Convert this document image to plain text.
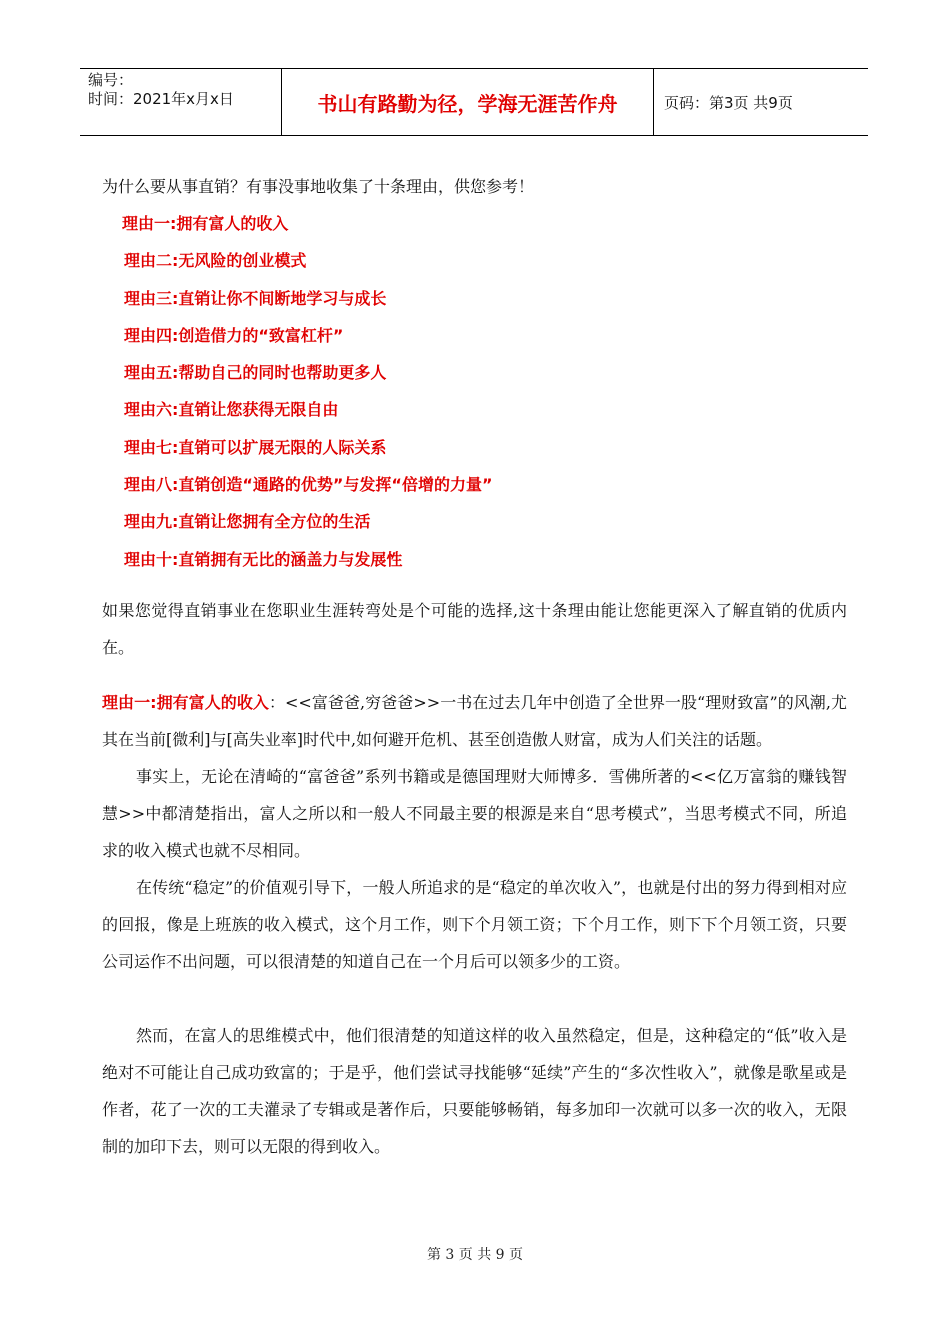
编号：
时间：2021年x月x日	书山有路勤为径，学海无涯苦作舟	页码：第3页 共9页

为什么要从事直销？有事没事地收集了十条理由，供您参考！

理由一:拥有富人的收入
理由二:无风险的创业模式
理由三:直销让你不间断地学习与成长
理由四:创造借力的“致富杠杆”
理由五:帮助自己的同时也帮助更多人
理由六:直销让您获得无限自由
理由七:直销可以扩展无限的人际关系
理由八:直销创造“通路的优势”与发挥“倍增的力量”
理由九:直销让您拥有全方位的生活
理由十:直销拥有无比的涵盖力与发展性

如果您觉得直销事业在您职业生涯转弯处是个可能的选择,这十条理由能让您能更深入了解直销的优质内在。

理由一:拥有富人的收入：<<富爸爸,穷爸爸>>一书在过去几年中创造了全世界一股“理财致富”的风潮,尤其在当前[微利]与[高失业率]时代中,如何避开危机、甚至创造傲人财富，成为人们关注的话题。

事实上，无论在清崎的“富爸爸”系列书籍或是德国理财大师博多．雪佛所著的<<亿万富翁的赚钱智慧>>中都清楚指出，富人之所以和一般人不同最主要的根源是来自“思考模式”，当思考模式不同，所追求的收入模式也就不尽相同。

在传统“稳定”的价值观引导下，一般人所追求的是“稳定的单次收入”，也就是付出的努力得到相对应的回报，像是上班族的收入模式，这个月工作，则下个月领工资；下个月工作，则下下个月领工资，只要公司运作不出问题，可以很清楚的知道自己在一个月后可以领多少的工资。

然而，在富人的思维模式中，他们很清楚的知道这样的收入虽然稳定，但是，这种稳定的“低”收入是绝对不可能让自己成功致富的；于是乎，他们尝试寻找能够“延续”产生的“多次性收入”，就像是歌星或是作者，花了一次的工夫灌录了专辑或是著作后，只要能够畅销，每多加印一次就可以多一次的收入，无限制的加印下去，则可以无限的得到收入。

第 3 页 共 9 页
